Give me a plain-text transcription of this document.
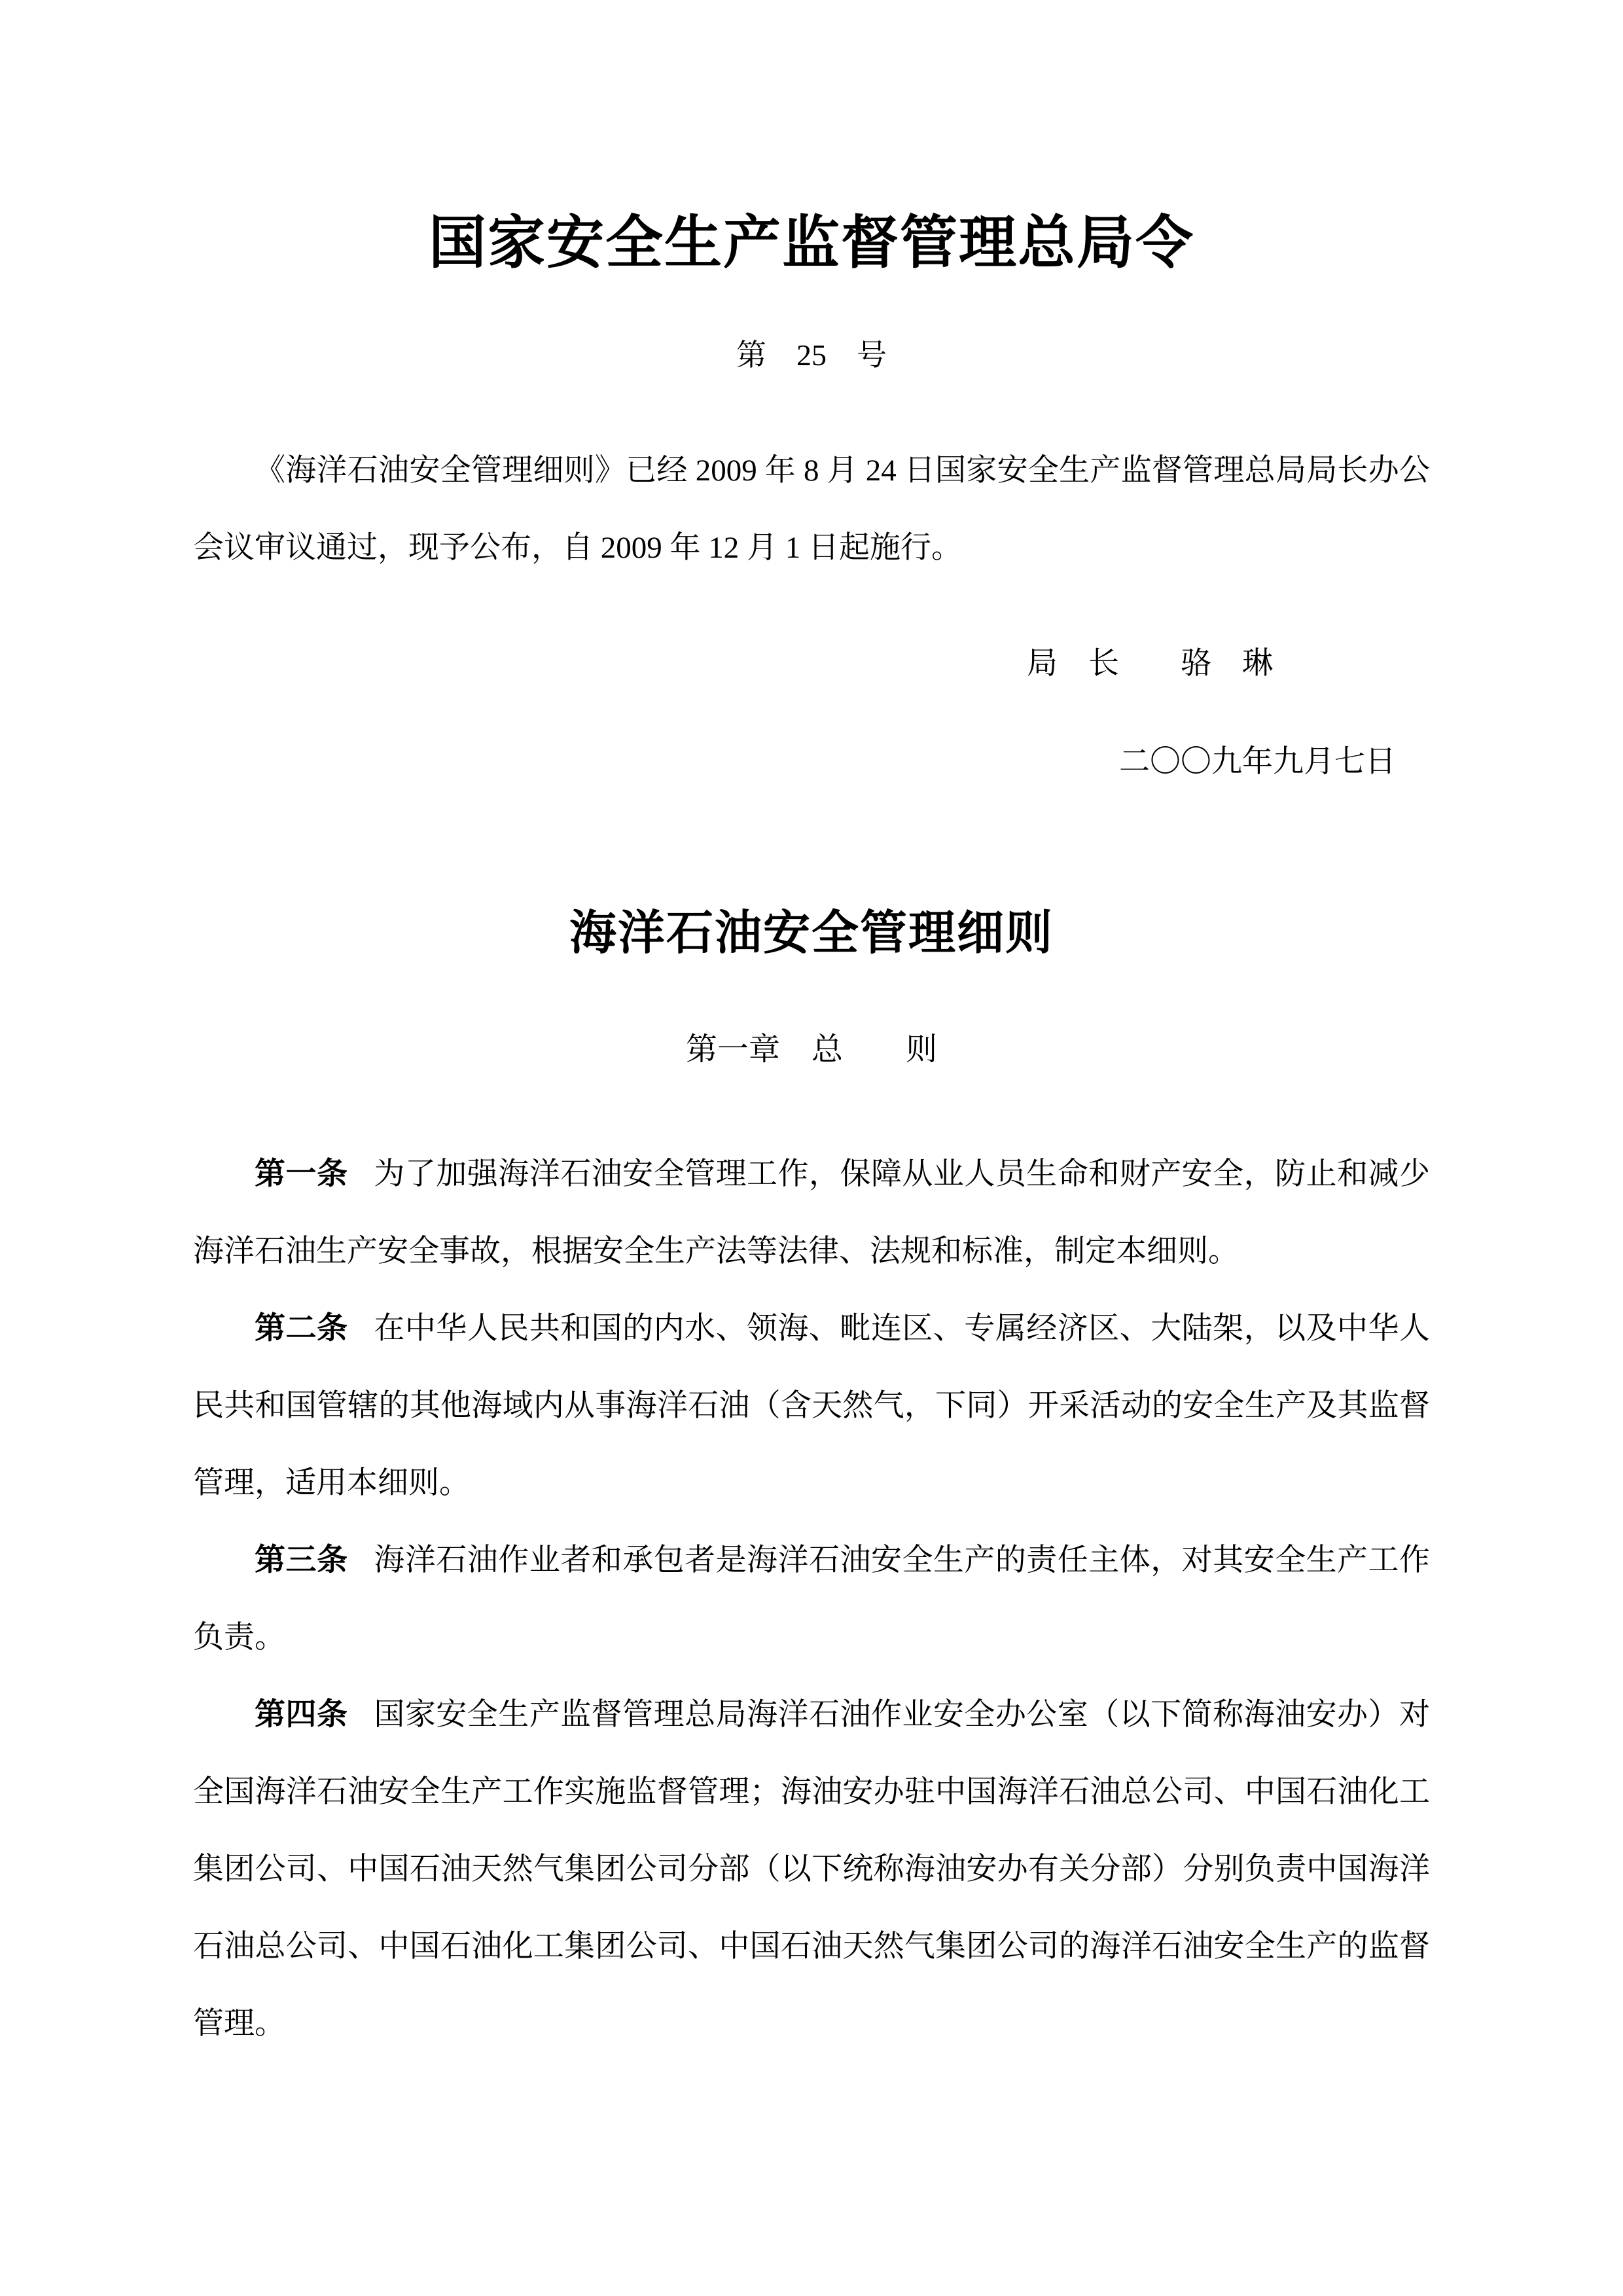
国家安全生产监督管理总局令
第　25　号

《海洋石油安全管理细则》已经 2009 年 8 月 24 日国家安全生产监督管理总局局长办公会议审议通过，现予公布，自 2009 年 12 月 1 日起施行。

局　长　　骆　琳
二〇〇九年九月七日
海洋石油安全管理细则
第一章　总　　则

第一条 为了加强海洋石油安全管理工作，保障从业人员生命和财产安全，防止和减少海洋石油生产安全事故，根据安全生产法等法律、法规和标准，制定本细则。

第二条 在中华人民共和国的内水、领海、毗连区、专属经济区、大陆架，以及中华人民共和国管辖的其他海域内从事海洋石油（含天然气，下同）开采活动的安全生产及其监督管理，适用本细则。

第三条 海洋石油作业者和承包者是海洋石油安全生产的责任主体，对其安全生产工作负责。

第四条 国家安全生产监督管理总局海洋石油作业安全办公室（以下简称海油安办）对全国海洋石油安全生产工作实施监督管理；海油安办驻中国海洋石油总公司、中国石油化工集团公司、中国石油天然气集团公司分部（以下统称海油安办有关分部）分别负责中国海洋石油总公司、中国石油化工集团公司、中国石油天然气集团公司的海洋石油安全生产的监督管理。
